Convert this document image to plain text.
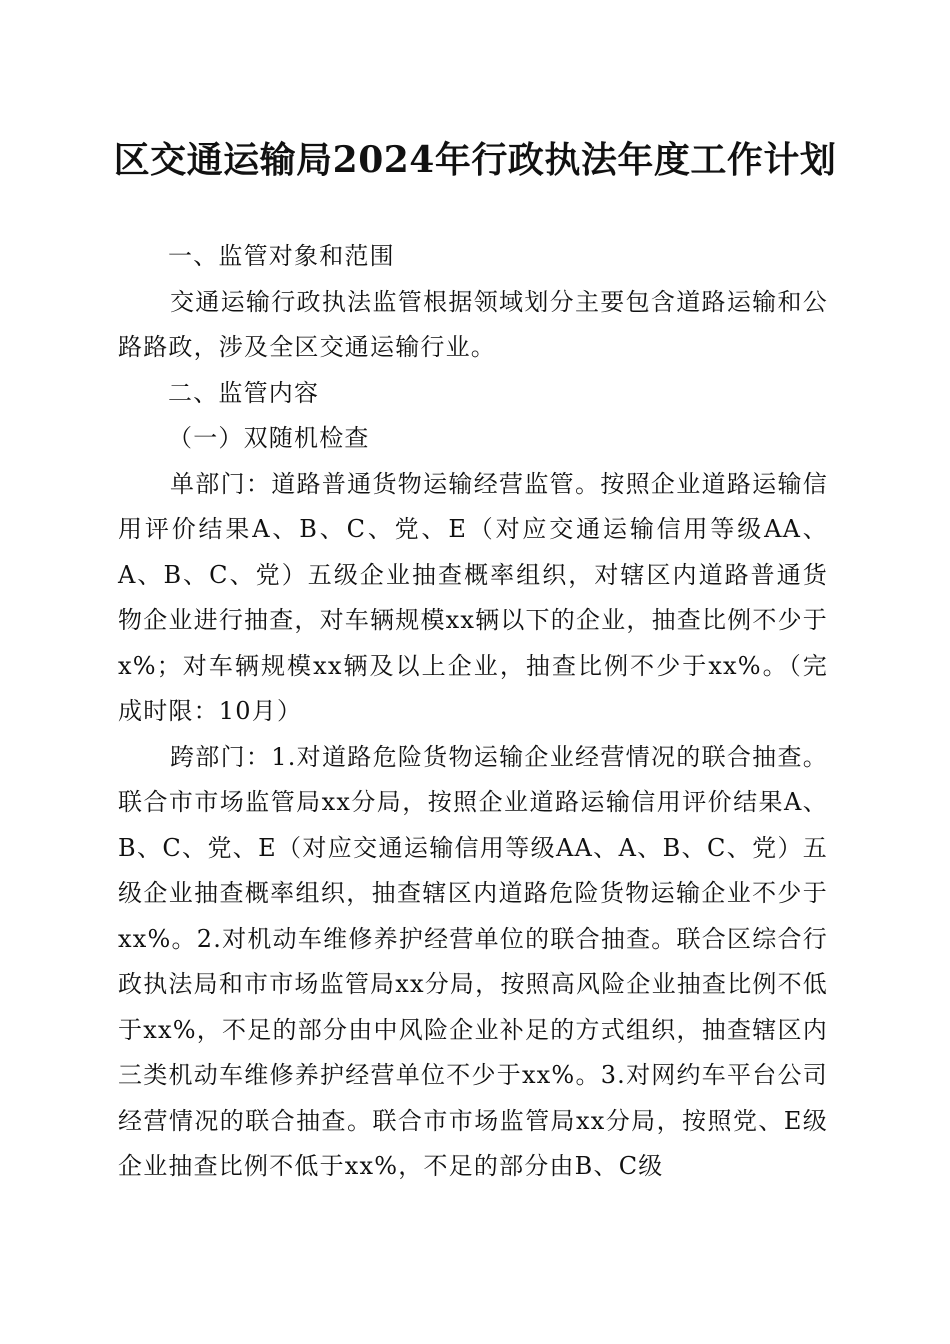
区交通运输局2024年行政执法年度工作计划

一、监管对象和范围

交通运输行政执法监管根据领域划分主要包含道路运输和公路路政，涉及全区交通运输行业。

二、监管内容

（一）双随机检查

单部门：道路普通货物运输经营监管。按照企业道路运输信用评价结果A、B、C、党、E（对应交通运输信用等级AA、A、B、C、党）五级企业抽查概率组织，对辖区内道路普通货物企业进行抽查，对车辆规模xx辆以下的企业，抽查比例不少于x%；对车辆规模xx辆及以上企业，抽查比例不少于xx%。（完成时限：10月）

跨部门：1.对道路危险货物运输企业经营情况的联合抽查。联合市市场监管局xx分局，按照企业道路运输信用评价结果A、B、C、党、E（对应交通运输信用等级AA、A、B、C、党）五级企业抽查概率组织，抽查辖区内道路危险货物运输企业不少于xx%。2.对机动车维修养护经营单位的联合抽查。联合区综合行政执法局和市市场监管局xx分局，按照高风险企业抽查比例不低于xx%，不足的部分由中风险企业补足的方式组织，抽查辖区内三类机动车维修养护经营单位不少于xx%。3.对网约车平台公司经营情况的联合抽查。联合市市场监管局xx分局，按照党、E级企业抽查比例不低于xx%，不足的部分由B、C级
